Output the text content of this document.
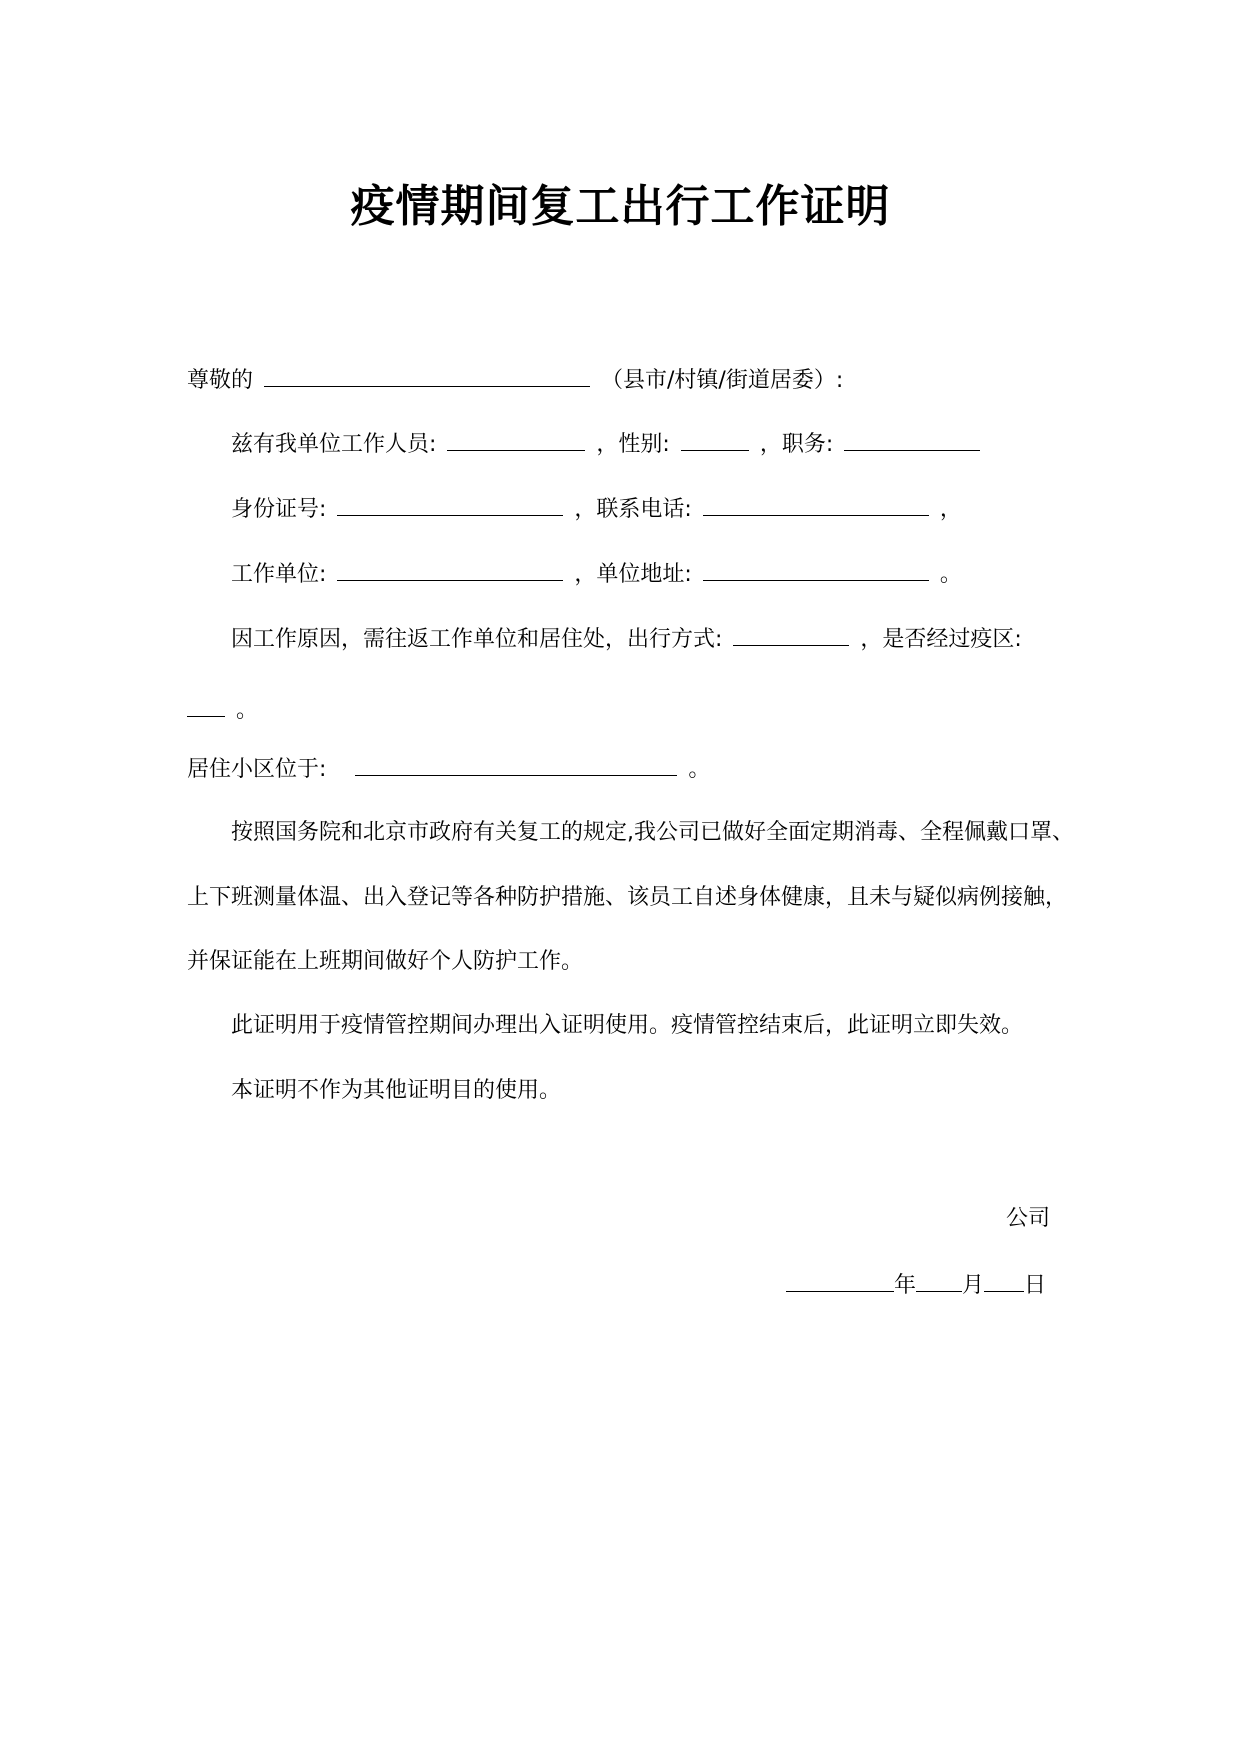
疫情期间复工出行工作证明
尊敬的	（县市/村镇/街道居委）:
兹有我单位工作人员:	，性别:	，职务:
身份证号:	，联系电话:	，
工作单位:	，单位地址:	。
因工作原因，需往返工作单位和居住处，出行方式:	，是否经过疫区:
。
居住小区位于:	。
按照国务院和北京市政府有关复工的规定,我公司已做好全面定期消毒、全程佩戴口罩、
上下班测量体温、出入登记等各种防护措施、该员工自述身体健康，且未与疑似病例接触，
并保证能在上班期间做好个人防护工作。
此证明用于疫情管控期间办理出入证明使用。疫情管控结束后，此证明立即失效。
本证明不作为其他证明目的使用。
公司
年 月 日
